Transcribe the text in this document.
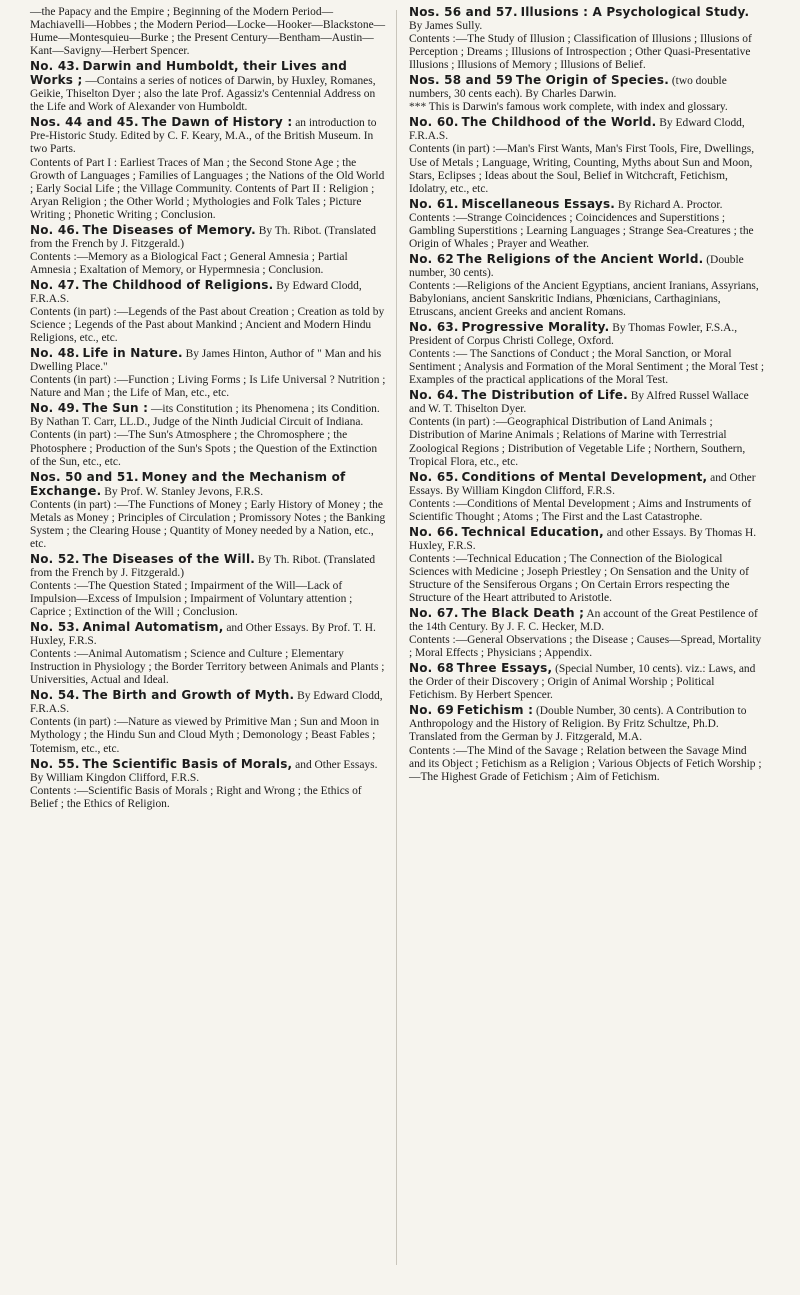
—the Papacy and the Empire ; Beginning of the Modern Period—Machiavelli—Hobbes ; the Modern Period—Locke—Hooker—Blackstone—Hume—Montesquieu—Burke ; the Present Century—Bentham—Austin—Kant—Savigny—Herbert Spencer.

No. 43. Darwin and Humboldt, their Lives and Works ; —Contains a series of notices of Darwin, by Huxley, Romanes, Geikie, Thiselton Dyer ; also the late Prof. Agassiz's Centennial Address on the Life and Work of Alexander von Humboldt.

Nos. 44 and 45. The Dawn of History : an introduction to Pre-Historic Study. Edited by C. F. Keary, M.A., of the British Museum. In two Parts.

Contents of Part I : Earliest Traces of Man ; the Second Stone Age ; the Growth of Languages ; Families of Languages ; the Nations of the Old World ; Early Social Life ; the Village Community. Contents of Part II : Religion ; Aryan Religion ; the Other World ; Mythologies and Folk Tales ; Picture Writing ; Phonetic Writing ; Conclusion.

No. 46. The Diseases of Memory. By Th. Ribot. (Translated from the French by J. Fitzgerald.)

Contents :—Memory as a Biological Fact ; General Amnesia ; Partial Amnesia ; Exaltation of Memory, or Hypermnesia ; Conclusion.

No. 47. The Childhood of Religions. By Edward Clodd, F.R.A.S.

Contents (in part) :—Legends of the Past about Creation ; Creation as told by Science ; Legends of the Past about Mankind ; Ancient and Modern Hindu Religions, etc., etc.

No. 48. Life in Nature. By James Hinton, Author of " Man and his Dwelling Place."

Contents (in part) :—Function ; Living Forms ; Is Life Universal ? Nutrition ; Nature and Man ; the Life of Man, etc., etc.

No. 49. The Sun : —its Constitution ; its Phenomena ; its Condition. By Nathan T. Carr, LL.D., Judge of the Ninth Judicial Circuit of Indiana.

Contents (in part) :—The Sun's Atmosphere ; the Chromosphere ; the Photosphere ; Production of the Sun's Spots ; the Question of the Extinction of the Sun, etc., etc.

Nos. 50 and 51. Money and the Mechanism of Exchange. By Prof. W. Stanley Jevons, F.R.S.

Contents (in part) :—The Functions of Money ; Early History of Money ; the Metals as Money ; Principles of Circulation ; Promissory Notes ; the Banking System ; the Clearing House ; Quantity of Money needed by a Nation, etc., etc.

No. 52. The Diseases of the Will. By Th. Ribot. (Translated from the French by J. Fitzgerald.)

Contents :—The Question Stated ; Impairment of the Will—Lack of Impulsion—Excess of Impulsion ; Impairment of Voluntary attention ; Caprice ; Extinction of the Will ; Conclusion.

No. 53. Animal Automatism, and Other Essays. By Prof. T. H. Huxley, F.R.S.

Contents :—Animal Automatism ; Science and Culture ; Elementary Instruction in Physiology ; the Border Territory between Animals and Plants ; Universities, Actual and Ideal.

No. 54. The Birth and Growth of Myth. By Edward Clodd, F.R.A.S.

Contents (in part) :—Nature as viewed by Primitive Man ; Sun and Moon in Mythology ; the Hindu Sun and Cloud Myth ; Demonology ; Beast Fables ; Totemism, etc., etc.

No. 55. The Scientific Basis of Morals, and Other Essays. By William Kingdon Clifford, F.R.S.

Contents :—Scientific Basis of Morals ; Right and Wrong ; the Ethics of Belief ; the Ethics of Religion.

Nos. 56 and 57. Illusions : A Psychological Study. By James Sully.

Contents :—The Study of Illusion ; Classification of Illusions ; Illusions of Perception ; Dreams ; Illusions of Introspection ; Other Quasi-Presentative Illusions ; Illusions of Memory ; Illusions of Belief.

Nos. 58 and 59 The Origin of Species. (two double numbers, 30 cents each). By Charles Darwin.

*** This is Darwin's famous work complete, with index and glossary.

No. 60. The Childhood of the World. By Edward Clodd, F.R.A.S.

Contents (in part) :—Man's First Wants, Man's First Tools, Fire, Dwellings, Use of Metals ; Language, Writing, Counting, Myths about Sun and Moon, Stars, Eclipses ; Ideas about the Soul, Belief in Witchcraft, Fetichism, Idolatry, etc., etc.

No. 61. Miscellaneous Essays. By Richard A. Proctor.

Contents :—Strange Coincidences ; Coincidences and Superstitions ; Gambling Superstitions ; Learning Languages ; Strange Sea-Creatures ; the Origin of Whales ; Prayer and Weather.

No. 62 The Religions of the Ancient World. (Double number, 30 cents).

Contents :—Religions of the Ancient Egyptians, ancient Iranians, Assyrians, Babylonians, ancient Sanskritic Indians, Phœnicians, Carthaginians, Etruscans, ancient Greeks and ancient Romans.

No. 63. Progressive Morality. By Thomas Fowler, F.S.A., President of Corpus Christi College, Oxford.

Contents :— The Sanctions of Conduct ; the Moral Sanction, or Moral Sentiment ; Analysis and Formation of the Moral Sentiment ; the Moral Test ; Examples of the practical applications of the Moral Test.

No. 64. The Distribution of Life. By Alfred Russel Wallace and W. T. Thiselton Dyer.

Contents (in part) :—Geographical Distribution of Land Animals ; Distribution of Marine Animals ; Relations of Marine with Terrestrial Zoological Regions ; Distribution of Vegetable Life ; Northern, Southern, Tropical Flora, etc., etc.

No. 65. Conditions of Mental Development, and Other Essays. By William Kingdon Clifford, F.R.S.

Contents :—Conditions of Mental Development ; Aims and Instruments of Scientific Thought ; Atoms ; The First and the Last Catastrophe.

No. 66. Technical Education, and other Essays. By Thomas H. Huxley, F.R.S.

Contents :—Technical Education ; The Connection of the Biological Sciences with Medicine ; Joseph Priestley ; On Sensation and the Unity of Structure of the Sensiferous Organs ; On Certain Errors respecting the Structure of the Heart attributed to Aristotle.

No. 67. The Black Death ; An account of the Great Pestilence of the 14th Century. By J. F. C. Hecker, M.D.

Contents :—General Observations ; the Disease ; Causes—Spread, Mortality ; Moral Effects ; Physicians ; Appendix.

No. 68 Three Essays, (Special Number, 10 cents). viz.: Laws, and the Order of their Discovery ; Origin of Animal Worship ; Political Fetichism. By Herbert Spencer.

No. 69 Fetichism : (Double Number, 30 cents). A Contribution to Anthropology and the History of Religion. By Fritz Schultze, Ph.D. Translated from the German by J. Fitzgerald, M.A.

Contents :—The Mind of the Savage ; Relation between the Savage Mind and its Object ; Fetichism as a Religion ; Various Objects of Fetich Worship ;—The Highest Grade of Fetichism ; Aim of Fetichism.
